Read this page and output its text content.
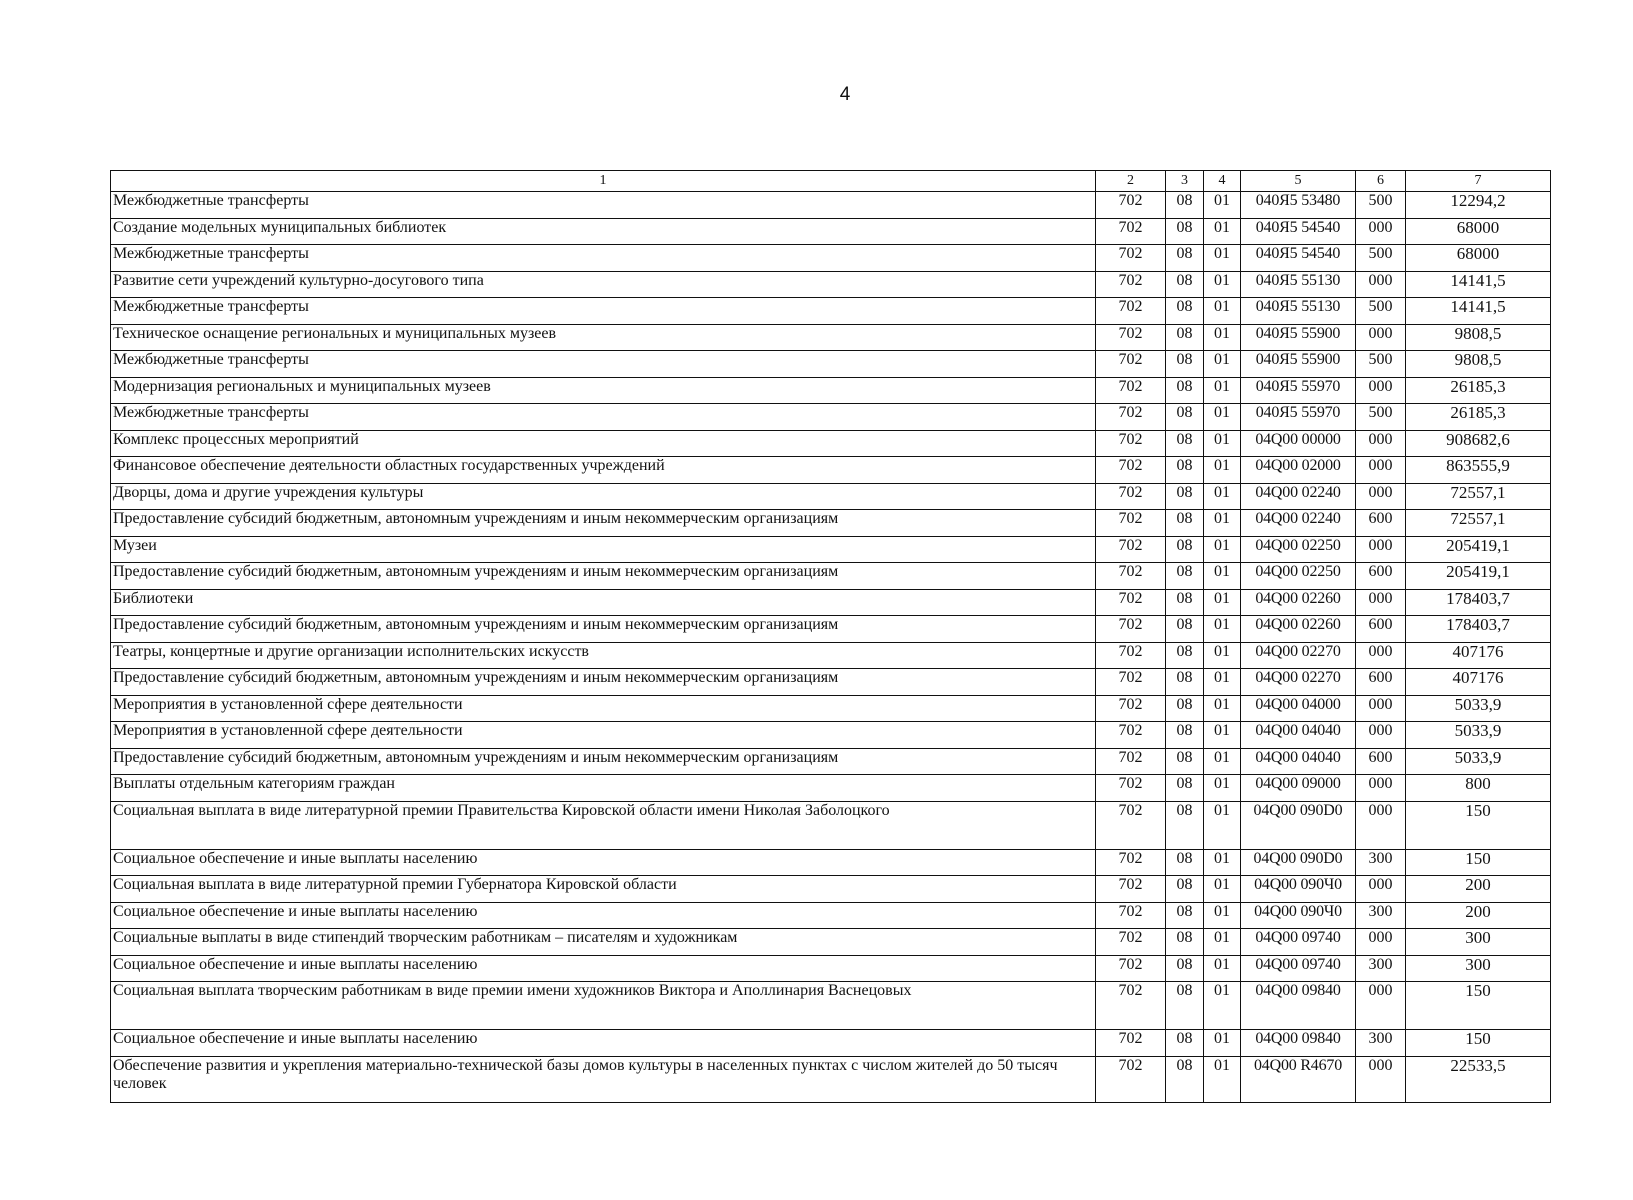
4
1	2	3	4	5	6	7
Межбюджетные трансферты	702	08	01	040Я5 53480	500	12294,2
Создание модельных муниципальных библиотек	702	08	01	040Я5 54540	000	68000
Межбюджетные трансферты	702	08	01	040Я5 54540	500	68000
Развитие сети учреждений культурно-досугового типа	702	08	01	040Я5 55130	000	14141,5
Межбюджетные трансферты	702	08	01	040Я5 55130	500	14141,5
Техническое оснащение региональных и муниципальных музеев	702	08	01	040Я5 55900	000	9808,5
Межбюджетные трансферты	702	08	01	040Я5 55900	500	9808,5
Модернизация региональных и муниципальных музеев	702	08	01	040Я5 55970	000	26185,3
Межбюджетные трансферты	702	08	01	040Я5 55970	500	26185,3
Комплекс процессных мероприятий	702	08	01	04Q00 00000	000	908682,6
Финансовое обеспечение деятельности областных государственных учреждений	702	08	01	04Q00 02000	000	863555,9
Дворцы, дома и другие учреждения культуры	702	08	01	04Q00 02240	000	72557,1
Предоставление субсидий бюджетным, автономным учреждениям и иным некоммерческим организациям	702	08	01	04Q00 02240	600	72557,1
Музеи	702	08	01	04Q00 02250	000	205419,1
Предоставление субсидий бюджетным, автономным учреждениям и иным некоммерческим организациям	702	08	01	04Q00 02250	600	205419,1
Библиотеки	702	08	01	04Q00 02260	000	178403,7
Предоставление субсидий бюджетным, автономным учреждениям и иным некоммерческим организациям	702	08	01	04Q00 02260	600	178403,7
Театры, концертные и другие организации исполнительских искусств	702	08	01	04Q00 02270	000	407176
Предоставление субсидий бюджетным, автономным учреждениям и иным некоммерческим организациям	702	08	01	04Q00 02270	600	407176
Мероприятия в установленной сфере деятельности	702	08	01	04Q00 04000	000	5033,9
Мероприятия в установленной сфере деятельности	702	08	01	04Q00 04040	000	5033,9
Предоставление субсидий бюджетным, автономным учреждениям и иным некоммерческим организациям	702	08	01	04Q00 04040	600	5033,9
Выплаты отдельным категориям граждан	702	08	01	04Q00 09000	000	800
Социальная выплата в виде литературной премии Правительства Кировской области имени Николая Заболоцкого	702	08	01	04Q00 090D0	000	150
Социальное обеспечение и иные выплаты населению	702	08	01	04Q00 090D0	300	150
Социальная выплата в виде литературной премии Губернатора Кировской области	702	08	01	04Q00 090Ч0	000	200
Социальное обеспечение и иные выплаты населению	702	08	01	04Q00 090Ч0	300	200
Социальные выплаты в виде стипендий творческим работникам – писателям и художникам	702	08	01	04Q00 09740	000	300
Социальное обеспечение и иные выплаты населению	702	08	01	04Q00 09740	300	300
Социальная выплата творческим работникам в виде премии имени художников Виктора и Аполлинария Васнецовых	702	08	01	04Q00 09840	000	150
Социальное обеспечение и иные выплаты населению	702	08	01	04Q00 09840	300	150
Обеспечение развития и укрепления материально-технической базы домов культуры в населенных пунктах с числом жителей до 50 тысяч человек	702	08	01	04Q00 R4670	000	22533,5
